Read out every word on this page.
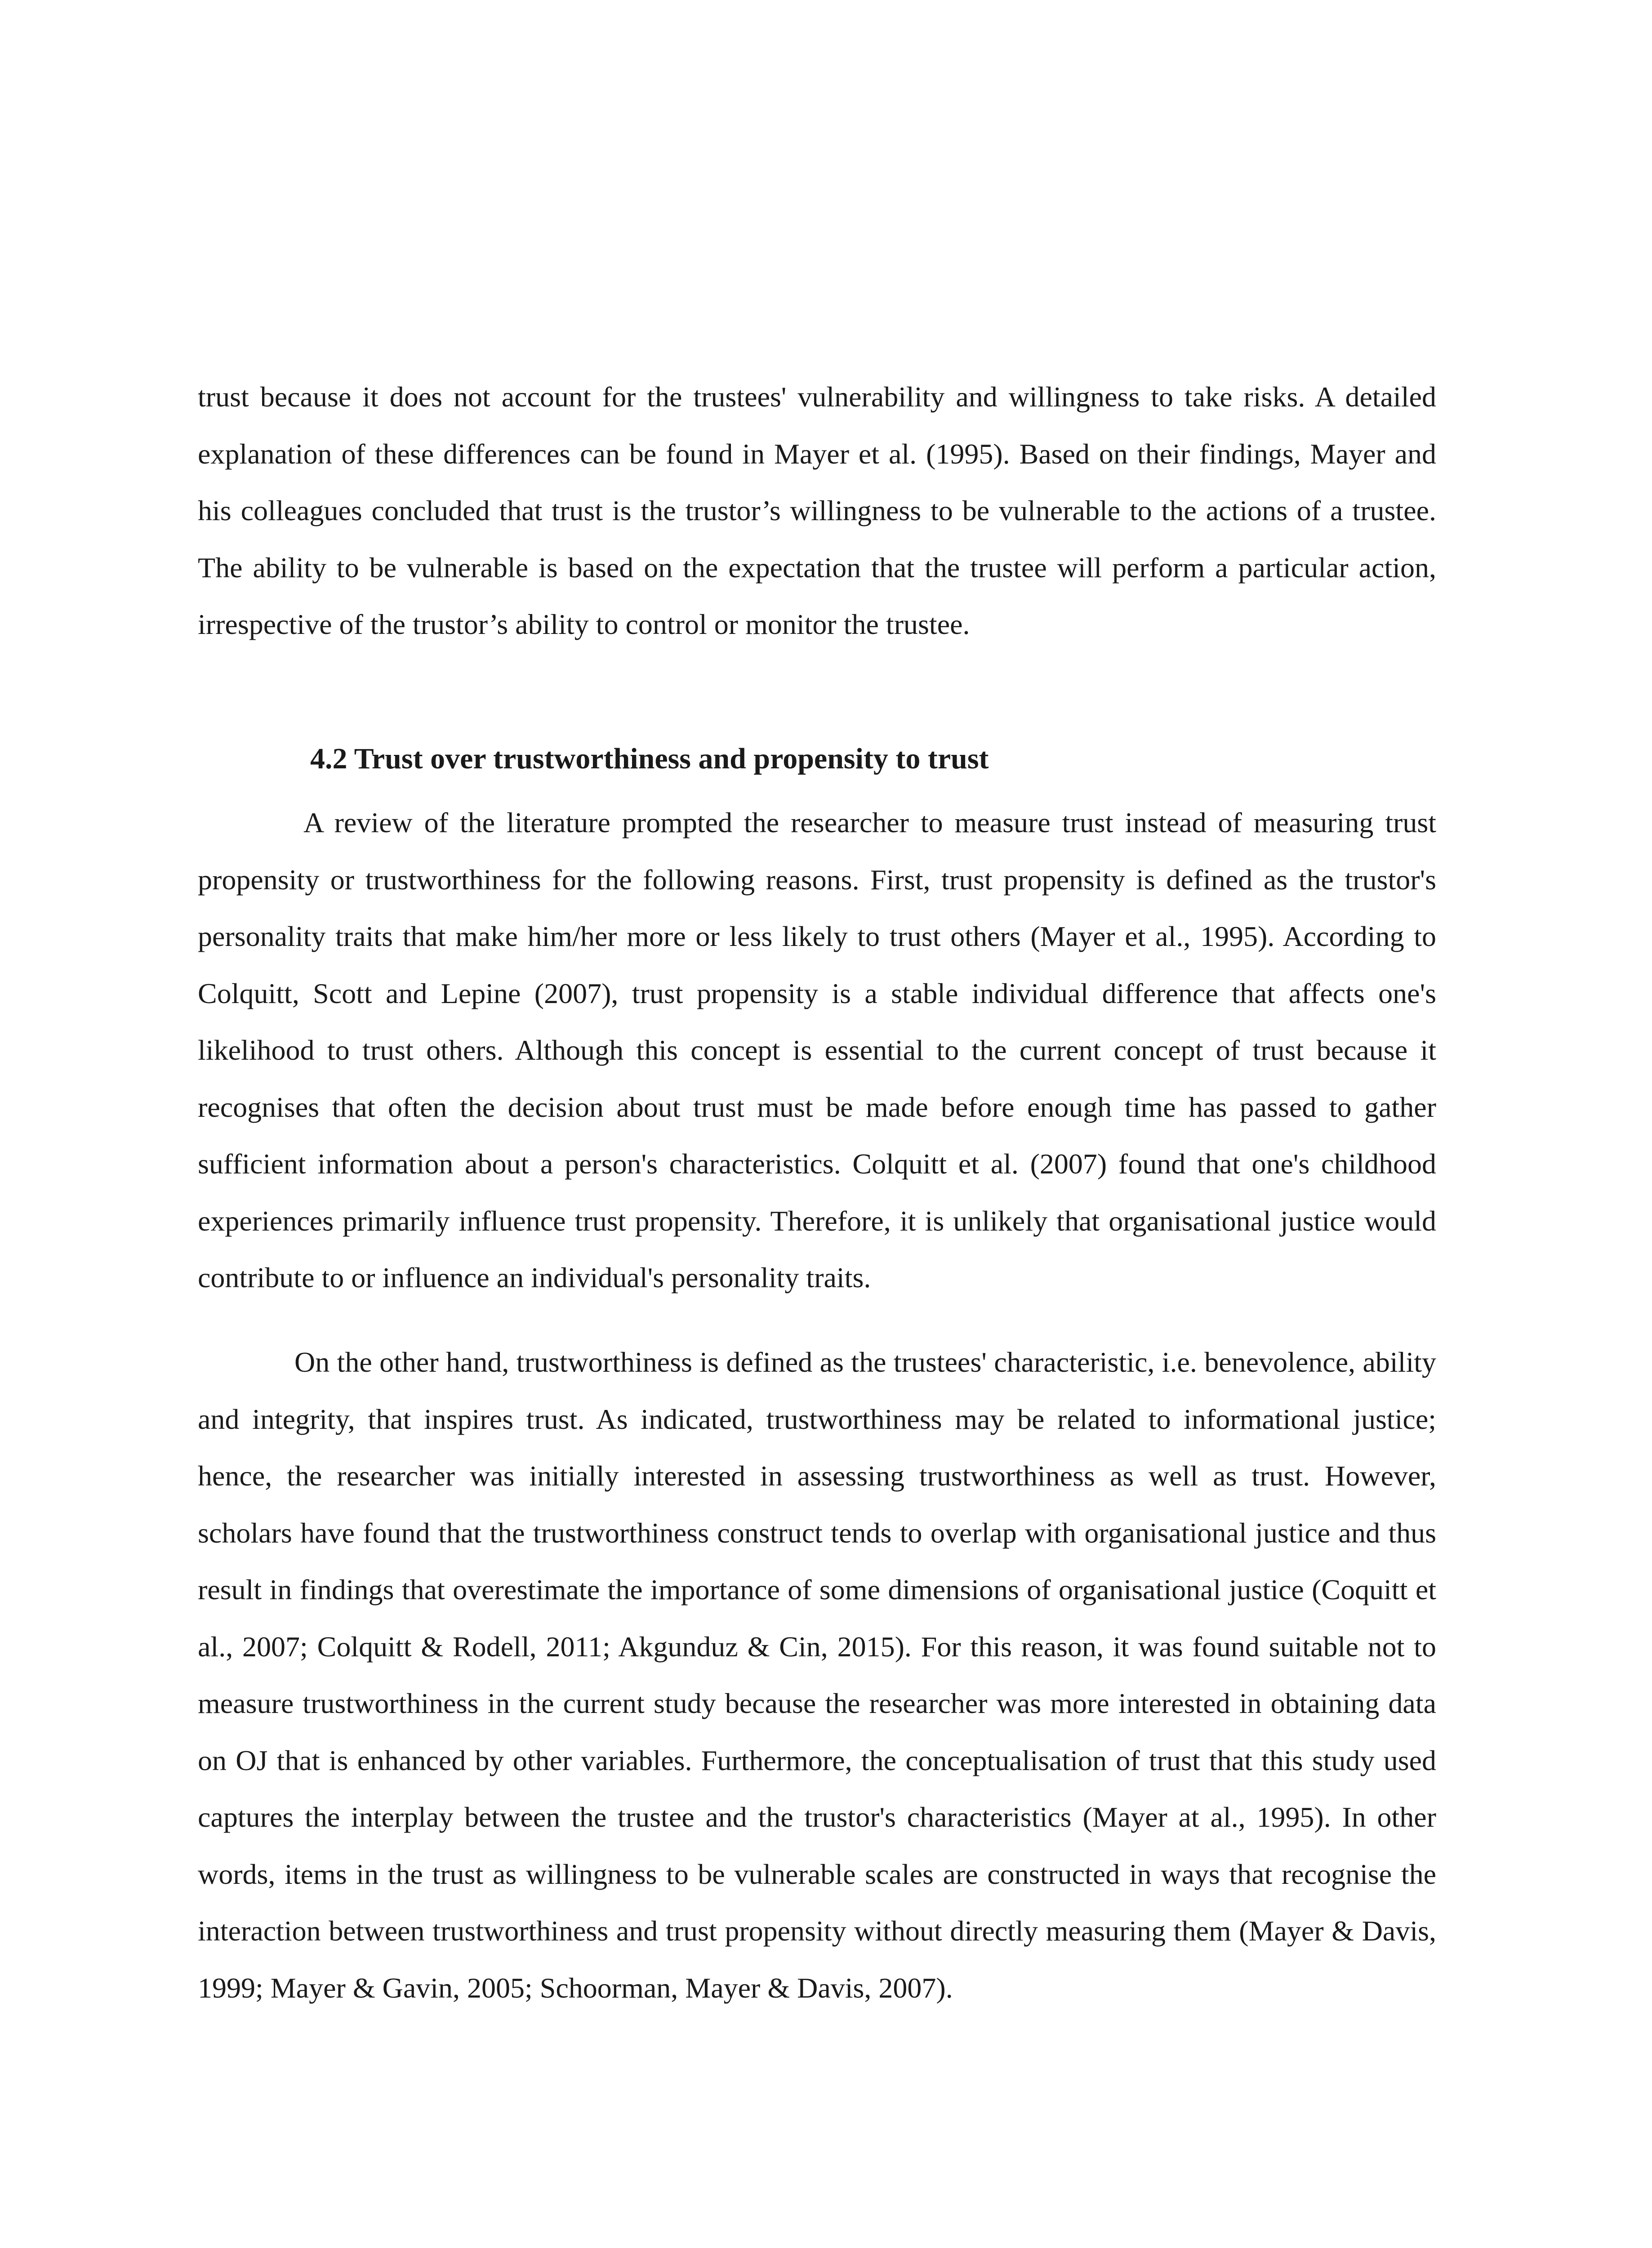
trust because it does not account for the trustees' vulnerability and willingness to take risks. A detailed explanation of these differences can be found in Mayer et al. (1995). Based on their findings, Mayer and his colleagues concluded that trust is the trustor’s willingness to be vulnerable to the actions of a trustee. The ability to be vulnerable is based on the expectation that the trustee will perform a particular action, irrespective of the trustor’s ability to control or monitor the trustee.

4.2 Trust over trustworthiness and propensity to trust

A review of the literature prompted the researcher to measure trust instead of measuring trust propensity or trustworthiness for the following reasons. First, trust propensity is defined as the trustor's personality traits that make him/her more or less likely to trust others (Mayer et al., 1995). According to Colquitt, Scott and Lepine (2007), trust propensity is a stable individual difference that affects one's likelihood to trust others. Although this concept is essential to the current concept of trust because it recognises that often the decision about trust must be made before enough time has passed to gather sufficient information about a person's characteristics. Colquitt et al. (2007) found that one's childhood experiences primarily influence trust propensity. Therefore, it is unlikely that organisational justice would contribute to or influence an individual's personality traits.

On the other hand, trustworthiness is defined as the trustees' characteristic, i.e. benevolence, ability and integrity, that inspires trust. As indicated, trustworthiness may be related to informational justice; hence, the researcher was initially interested in assessing trustworthiness as well as trust. However, scholars have found that the trustworthiness construct tends to overlap with organisational justice and thus result in findings that overestimate the importance of some dimensions of organisational justice (Coquitt et al., 2007; Colquitt & Rodell, 2011; Akgunduz & Cin, 2015). For this reason, it was found suitable not to measure trustworthiness in the current study because the researcher was more interested in obtaining data on OJ that is enhanced by other variables. Furthermore, the conceptualisation of trust that this study used captures the interplay between the trustee and the trustor's characteristics (Mayer at al., 1995). In other words, items in the trust as willingness to be vulnerable scales are constructed in ways that recognise the interaction between trustworthiness and trust propensity without directly measuring them (Mayer & Davis, 1999; Mayer & Gavin, 2005; Schoorman, Mayer & Davis, 2007).
